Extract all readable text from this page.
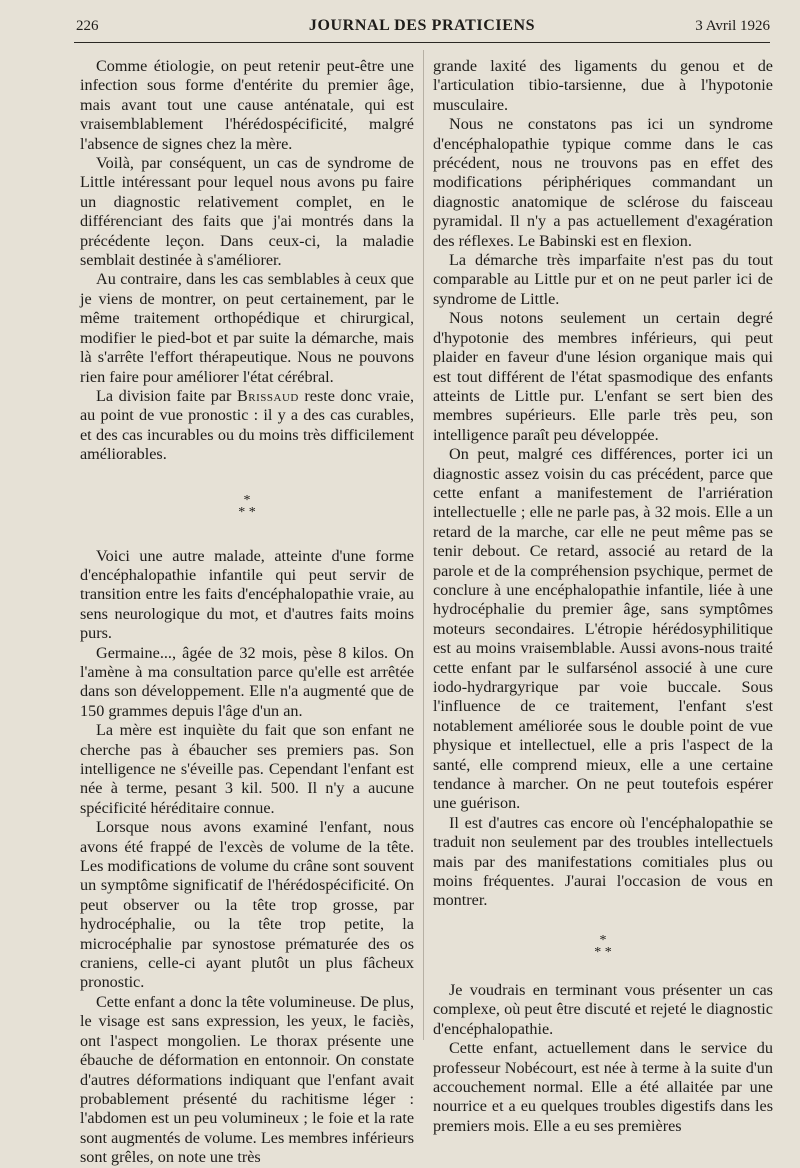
226	JOURNAL DES PRATICIENS	3 Avril 1926

Comme étiologie, on peut retenir peut-être une infection sous forme d'entérite du premier âge, mais avant tout une cause anténatale, qui est vraisemblablement l'hérédospécificité, malgré l'absence de signes chez la mère.

Voilà, par conséquent, un cas de syndrome de Little intéressant pour lequel nous avons pu faire un diagnostic relativement complet, en le différenciant des faits que j'ai montrés dans la précédente leçon. Dans ceux-ci, la maladie semblait destinée à s'améliorer.

Au contraire, dans les cas semblables à ceux que je viens de montrer, on peut certainement, par le même traitement orthopédique et chirurgical, modifier le pied-bot et par suite la démarche, mais là s'arrête l'effort thérapeutique. Nous ne pouvons rien faire pour améliorer l'état cérébral.

La division faite par Brissaud reste donc vraie, au point de vue pronostic : il y a des cas curables, et des cas incurables ou du moins très difficilement améliorables.

*
* *

Voici une autre malade, atteinte d'une forme d'encéphalopathie infantile qui peut servir de transition entre les faits d'encéphalopathie vraie, au sens neurologique du mot, et d'autres faits moins purs.

Germaine..., âgée de 32 mois, pèse 8 kilos. On l'amène à ma consultation parce qu'elle est arrêtée dans son développement. Elle n'a augmenté que de 150 grammes depuis l'âge d'un an.

La mère est inquiète du fait que son enfant ne cherche pas à ébaucher ses premiers pas. Son intelligence ne s'éveille pas. Cependant l'enfant est née à terme, pesant 3 kil. 500. Il n'y a aucune spécificité héréditaire connue.

Lorsque nous avons examiné l'enfant, nous avons été frappé de l'excès de volume de la tête. Les modifications de volume du crâne sont souvent un symptôme significatif de l'hérédospécificité. On peut observer ou la tête trop grosse, par hydrocéphalie, ou la tête trop petite, la microcéphalie par synostose prématurée des os craniens, celle-ci ayant plutôt un plus fâcheux pronostic.

Cette enfant a donc la tête volumineuse. De plus, le visage est sans expression, les yeux, le faciès, ont l'aspect mongolien. Le thorax présente une ébauche de déformation en entonnoir. On constate d'autres déformations indiquant que l'enfant avait probablement présenté du rachitisme léger : l'abdomen est un peu volumineux ; le foie et la rate sont augmentés de volume. Les membres inférieurs sont grêles, on note une très

grande laxité des ligaments du genou et de l'articulation tibio-tarsienne, due à l'hypotonie musculaire.

Nous ne constatons pas ici un syndrome d'encéphalopathie typique comme dans le cas précédent, nous ne trouvons pas en effet des modifications périphériques commandant un diagnostic anatomique de sclérose du faisceau pyramidal. Il n'y a pas actuellement d'exagération des réflexes. Le Babinski est en flexion.

La démarche très imparfaite n'est pas du tout comparable au Little pur et on ne peut parler ici de syndrome de Little.

Nous notons seulement un certain degré d'hypotonie des membres inférieurs, qui peut plaider en faveur d'une lésion organique mais qui est tout différent de l'état spasmodique des enfants atteints de Little pur. L'enfant se sert bien des membres supérieurs. Elle parle très peu, son intelligence paraît peu développée.

On peut, malgré ces différences, porter ici un diagnostic assez voisin du cas précédent, parce que cette enfant a manifestement de l'arriération intellectuelle ; elle ne parle pas, à 32 mois. Elle a un retard de la marche, car elle ne peut même pas se tenir debout. Ce retard, associé au retard de la parole et de la compréhension psychique, permet de conclure à une encéphalopathie infantile, liée à une hydrocéphalie du premier âge, sans symptômes moteurs secondaires. L'étropie hérédosyphilitique est au moins vraisemblable. Aussi avons-nous traité cette enfant par le sulfarsénol associé à une cure iodo-hydrargyrique par voie buccale. Sous l'influence de ce traitement, l'enfant s'est notablement améliorée sous le double point de vue physique et intellectuel, elle a pris l'aspect de la santé, elle comprend mieux, elle a une certaine tendance à marcher. On ne peut toutefois espérer une guérison.

Il est d'autres cas encore où l'encéphalopathie se traduit non seulement par des troubles intellectuels mais par des manifestations comitiales plus ou moins fréquentes. J'aurai l'occasion de vous en montrer.

*
* *

Je voudrais en terminant vous présenter un cas complexe, où peut être discuté et rejeté le diagnostic d'encéphalopathie.

Cette enfant, actuellement dans le service du professeur Nobécourt, est née à terme à la suite d'un accouchement normal. Elle a été allaitée par une nourrice et a eu quelques troubles digestifs dans les premiers mois. Elle a eu ses premières
